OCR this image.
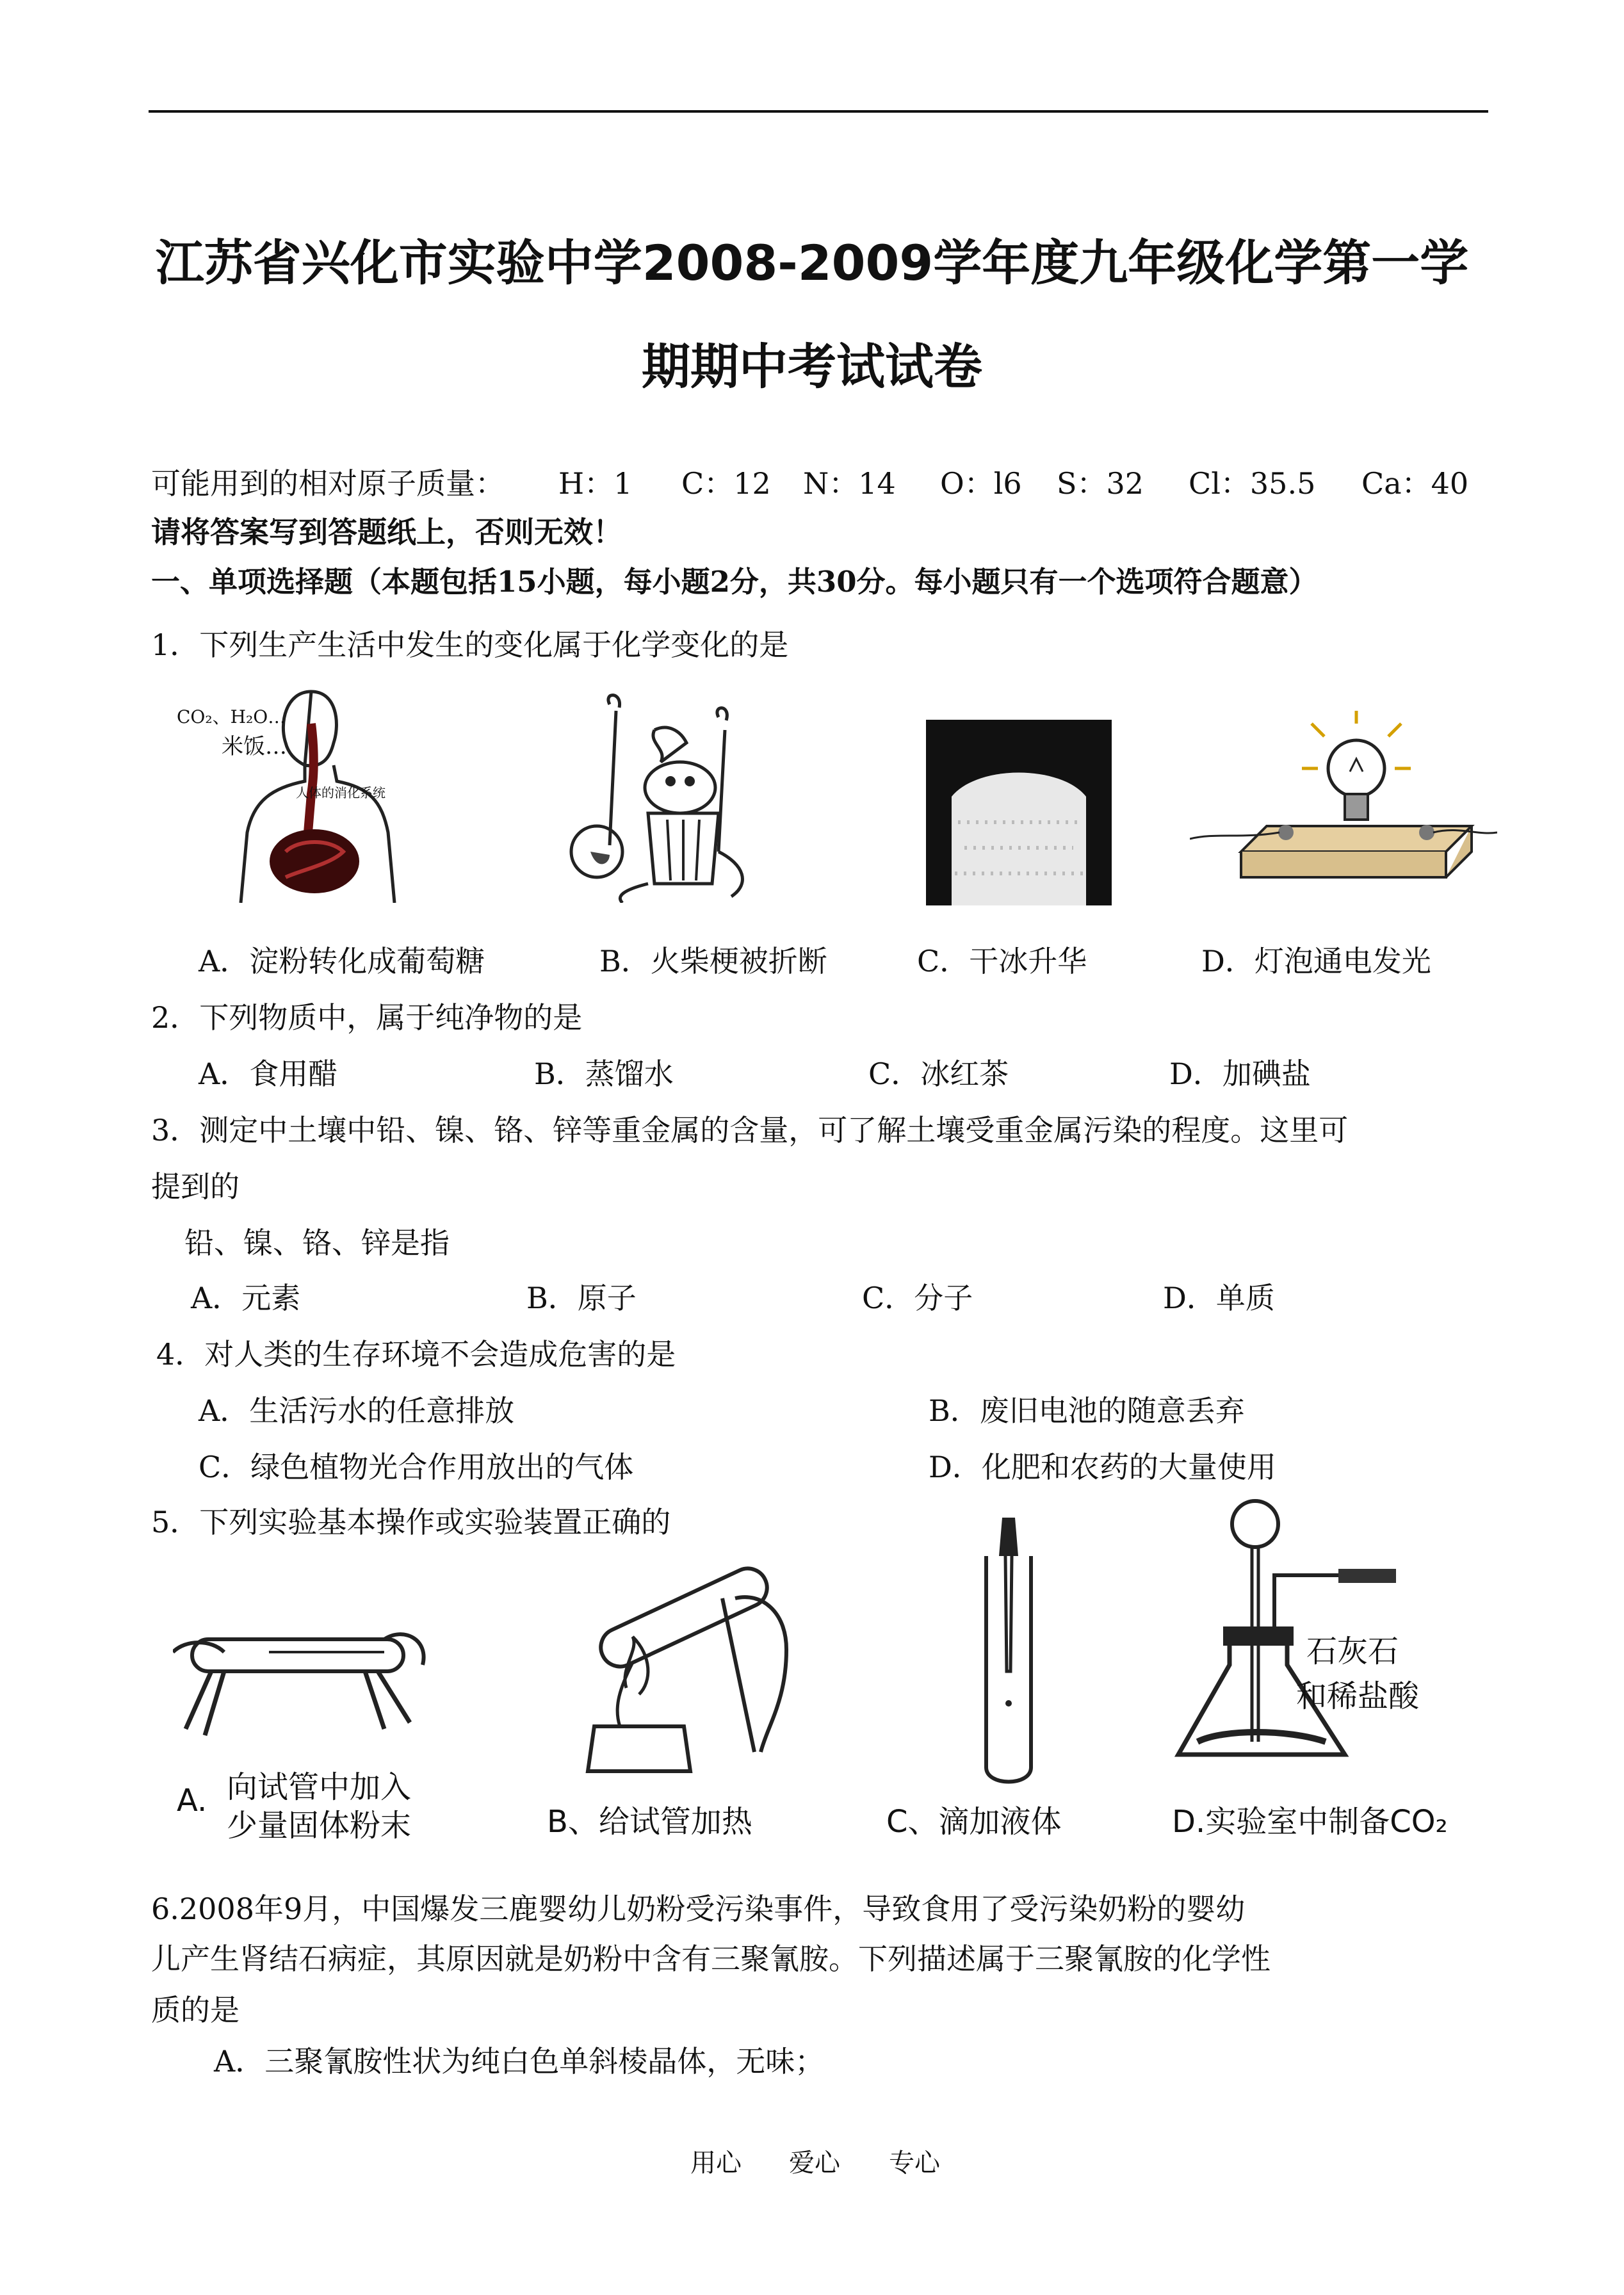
江苏省兴化市实验中学2008-2009学年度九年级化学第一学
期期中考试试卷
可能用到的相对原子质量： H：1 C：12 N：14 O：l6 S：32 Cl：35.5 Ca：40
请将答案写到答题纸上，否则无效！
一、单项选择题（本题包括15小题，每小题2分，共30分。每小题只有一个选项符合题意）
1．下列生产生活中发生的变化属于化学变化的是
CO₂、H₂O…
米饭…
人体的消化系统
A．淀粉转化成葡萄糖	B．火柴梗被折断	C．干冰升华	D．灯泡通电发光
2．下列物质中，属于纯净物的是
A．食用醋	B．蒸馏水	C．冰红茶	D．加碘盐
3．测定中土壤中铅、镍、铬、锌等重金属的含量，可了解土壤受重金属污染的程度。这里可
提到的
铅、镍、铬、锌是指
A．元素	B．原子	C．分子	D．单质
4．对人类的生存环境不会造成危害的是
A．生活污水的任意排放	B．废旧电池的随意丢弃
C．绿色植物光合作用放出的气体	D．化肥和农药的大量使用
5．下列实验基本操作或实验装置正确的
A. 向试管中加入
少量固体粉末	B、给试管加热	C、滴加液体
石灰石
和稀盐酸
D.实验室中制备CO₂
6.2008年9月，中国爆发三鹿婴幼儿奶粉受污染事件，导致食用了受污染奶粉的婴幼
儿产生肾结石病症，其原因就是奶粉中含有三聚氰胺。下列描述属于三聚氰胺的化学性
质的是
A．三聚氰胺性状为纯白色单斜棱晶体，无味；
用心 爱心 专心
